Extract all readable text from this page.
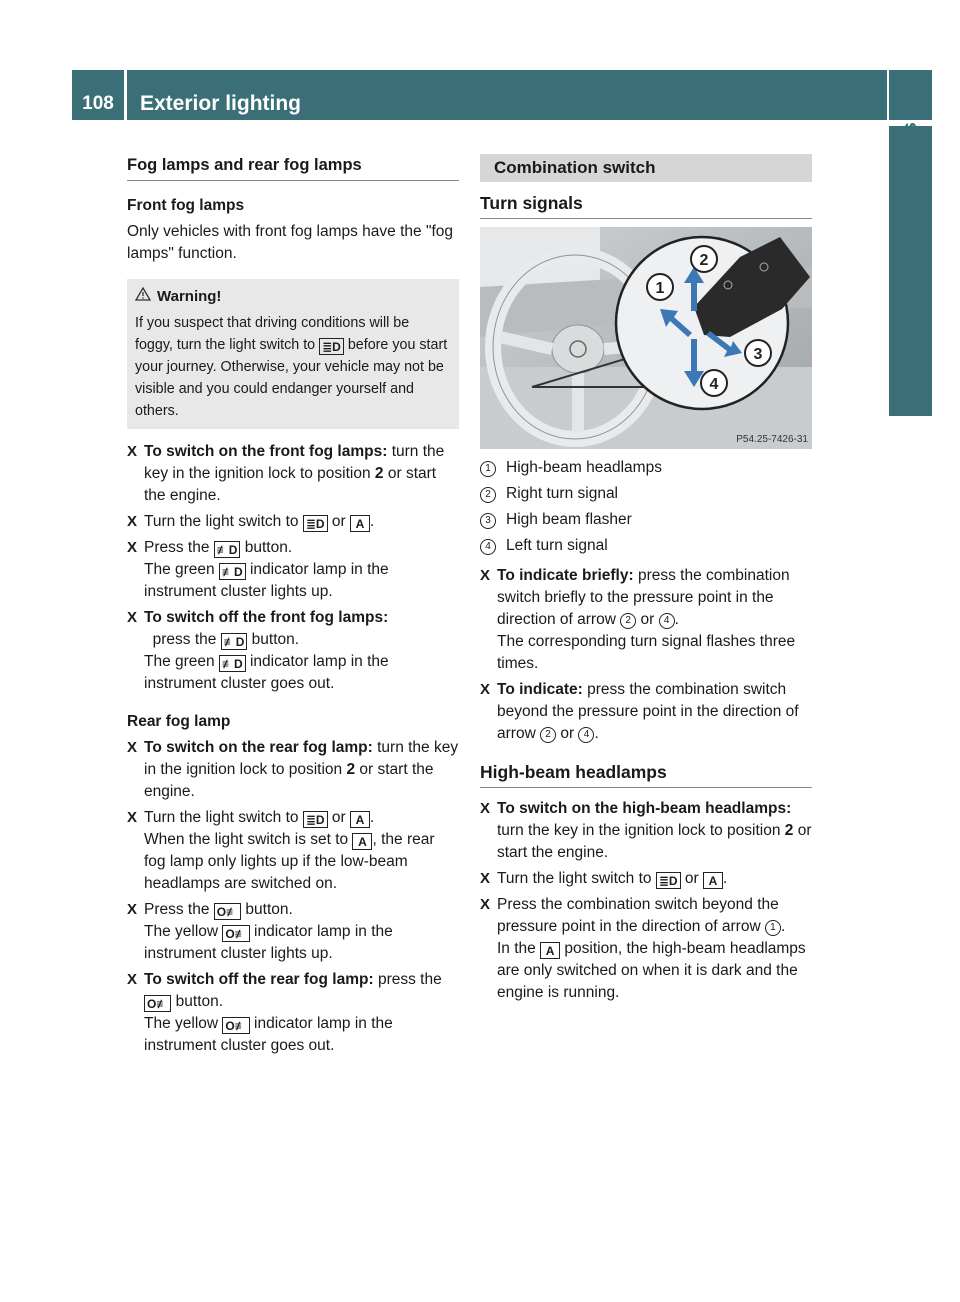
108	Exterior lighting
Lights and windshield wipers
Fog lamps and rear fog lamps
Front fog lamps

Only vehicles with front fog lamps have the "fog lamps" function.

Warning!

If you suspect that driving conditions will be foggy, turn the light switch to ≣D before you start your journey. Otherwise, your vehicle may not be visible and you could endanger yourself and others.

X To switch on the front fog lamps: turn the key in the ignition lock to position 2 or start the engine.
X Turn the light switch to ≣D or A .
X Press the ≢D button.
The green ≢D indicator lamp in the instrument cluster lights up.
X To switch off the front fog lamps:  press the ≢D button.
The green ≢D indicator lamp in the instrument cluster goes out.
Rear fog lamp
X To switch on the rear fog lamp: turn the key in the ignition lock to position 2 or start the engine.
X Turn the light switch to ≣D or A .
When the light switch is set to A , the rear fog lamp only lights up if the low-beam headlamps are switched on.
X Press the O≢ button.
The yellow O≢ indicator lamp in the instrument cluster lights up.
X To switch off the rear fog lamp: press the
O≢ button.
The yellow O≢ indicator lamp in the instrument cluster goes out.
Combination switch
Turn signals
1
2
3
4
P54.25-7426-31
1 High-beam headlamps
2 Right turn signal
3 High beam flasher
4 Left turn signal
X To indicate briefly: press the combination switch briefly to the pressure point in the direction of arrow 2 or 4 .
The corresponding turn signal flashes three times.
X To indicate: press the combination switch beyond the pressure point in the direction of arrow 2 or 4 .
High-beam headlamps
X To switch on the high-beam headlamps: turn the key in the ignition lock to position 2 or start the engine.
X Turn the light switch to ≣D or A .
X Press the combination switch beyond the pressure point in the direction of arrow 1 .
In the A position, the high-beam headlamps are only switched on when it is dark and the engine is running.
